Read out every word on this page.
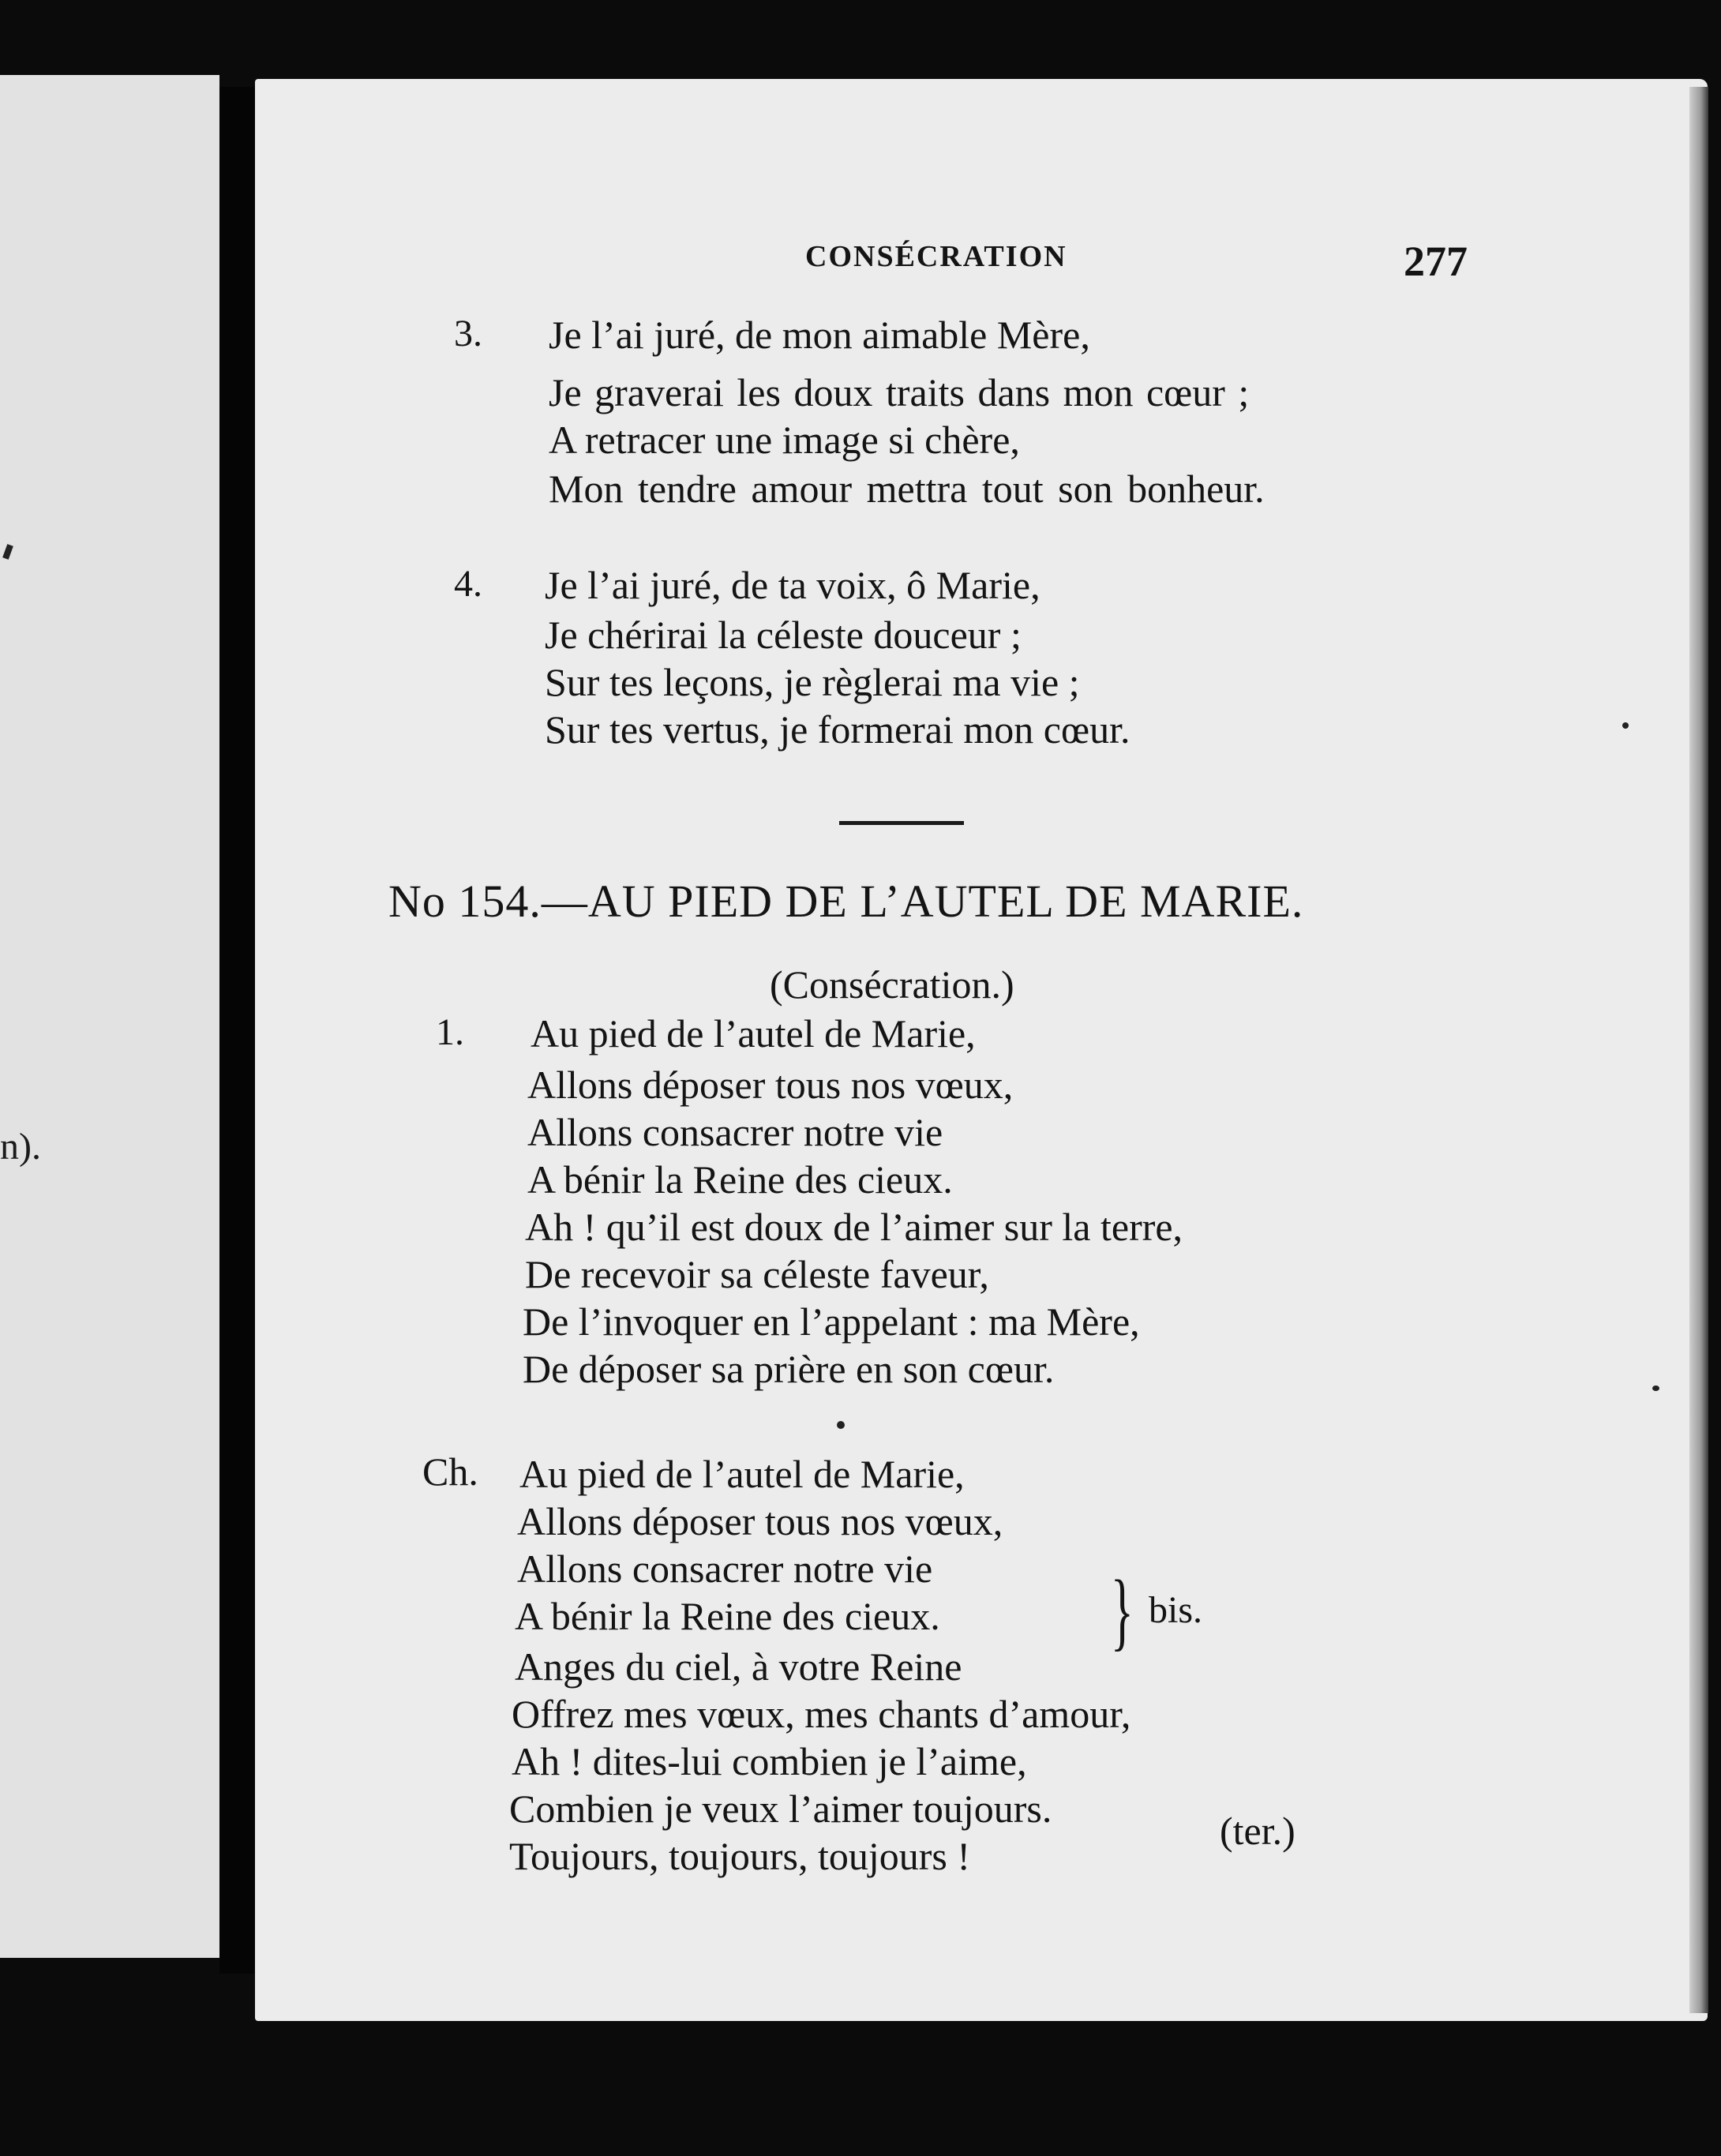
n).
CONSÉCRATION	277
3. Je l’ai juré, de mon aimable Mère,
Je graverai les doux traits dans mon cœur ;
A retracer une image si chère,
Mon tendre amour mettra tout son bonheur.
4. Je l’ai juré, de ta voix, ô Marie,
Je chérirai la céleste douceur ;
Sur tes leçons, je règlerai ma vie ;
Sur tes vertus, je formerai mon cœur.
No 154.—AU PIED DE L’AUTEL DE MARIE.
(Consécration.)
1. Au pied de l’autel de Marie,
Allons déposer tous nos vœux,
Allons consacrer notre vie
A bénir la Reine des cieux.
Ah ! qu’il est doux de l’aimer sur la terre,
De recevoir sa céleste faveur,
De l’invoquer en l’appelant : ma Mère,
De déposer sa prière en son cœur.
Ch. Au pied de l’autel de Marie,
Allons déposer tous nos vœux,
Allons consacrer notre vie
A bénir la Reine des cieux.
Anges du ciel, à votre Reine
Offrez mes vœux, mes chants d’amour,
Ah ! dites-lui combien je l’aime,
Combien je veux l’aimer toujours.
Toujours, toujours, toujours !
} bis.
(ter.)
